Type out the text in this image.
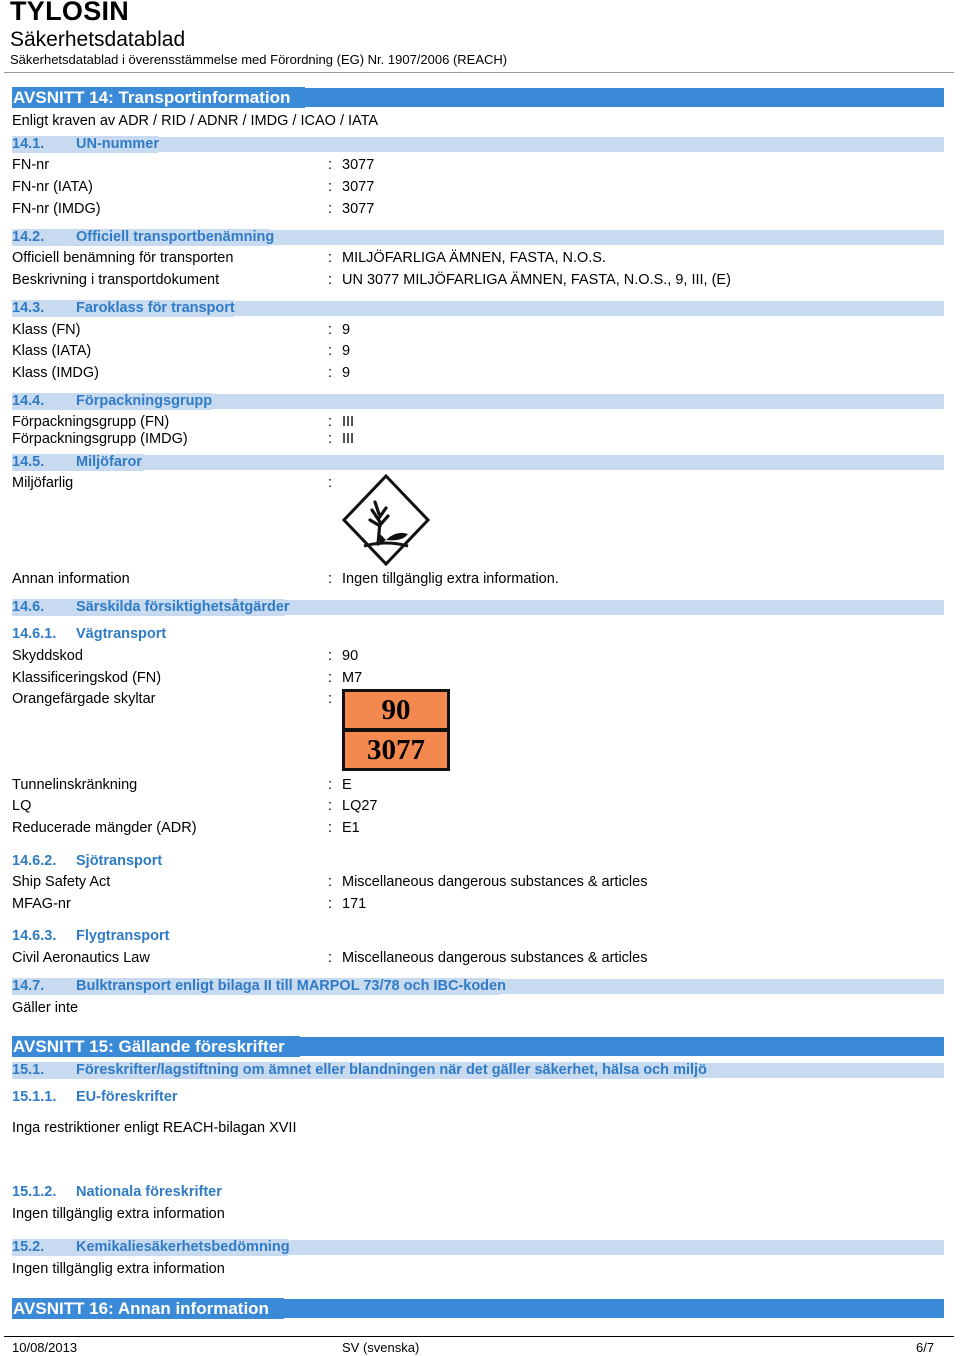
TYLOSIN
Säkerhetsdatablad
Säkerhetsdatablad i överensstämmelse med Förordning (EG) Nr. 1907/2006 (REACH)
AVSNITT 14: Transportinformation
Enligt kraven av ADR / RID / ADNR / IMDG / ICAO / IATA
14.1. UN-nummer
FN-nr	: 3077
FN-nr (IATA)	: 3077
FN-nr (IMDG)	: 3077
14.2. Officiell transportbenämning
Officiell benämning för transporten	: MILJÖFARLIGA ÄMNEN, FASTA, N.O.S.
Beskrivning i transportdokument	: UN 3077 MILJÖFARLIGA ÄMNEN, FASTA, N.O.S., 9, III, (E)
14.3. Faroklass för transport
Klass (FN)	: 9
Klass (IATA)	: 9
Klass (IMDG)	: 9
14.4. Förpackningsgrupp
Förpackningsgrupp (FN)	: III
Förpackningsgrupp (IMDG)	: III
14.5. Miljöfaror
Miljöfarlig	:
Annan information	: Ingen tillgänglig extra information.
14.6. Särskilda försiktighetsåtgärder
14.6.1. Vägtransport
Skyddskod	: 90
Klassificeringskod (FN)	: M7
Orangefärgade skyltar	:	90
3077
Tunnelinskränkning	: E
LQ	: LQ27
Reducerade mängder (ADR)	: E1
14.6.2. Sjötransport
Ship Safety Act	: Miscellaneous dangerous substances & articles
MFAG-nr	: 171
14.6.3. Flygtransport
Civil Aeronautics Law	: Miscellaneous dangerous substances & articles
14.7. Bulktransport enligt bilaga II till MARPOL 73/78 och IBC-koden
Gäller inte
AVSNITT 15: Gällande föreskrifter
15.1. Föreskrifter/lagstiftning om ämnet eller blandningen när det gäller säkerhet, hälsa och miljö
15.1.1. EU-föreskrifter
Inga restriktioner enligt REACH-bilagan XVII
15.1.2. Nationala föreskrifter
Ingen tillgänglig extra information
15.2. Kemikaliesäkerhetsbedömning
Ingen tillgänglig extra information
AVSNITT 16: Annan information
10/08/2013	SV (svenska)	6/7
